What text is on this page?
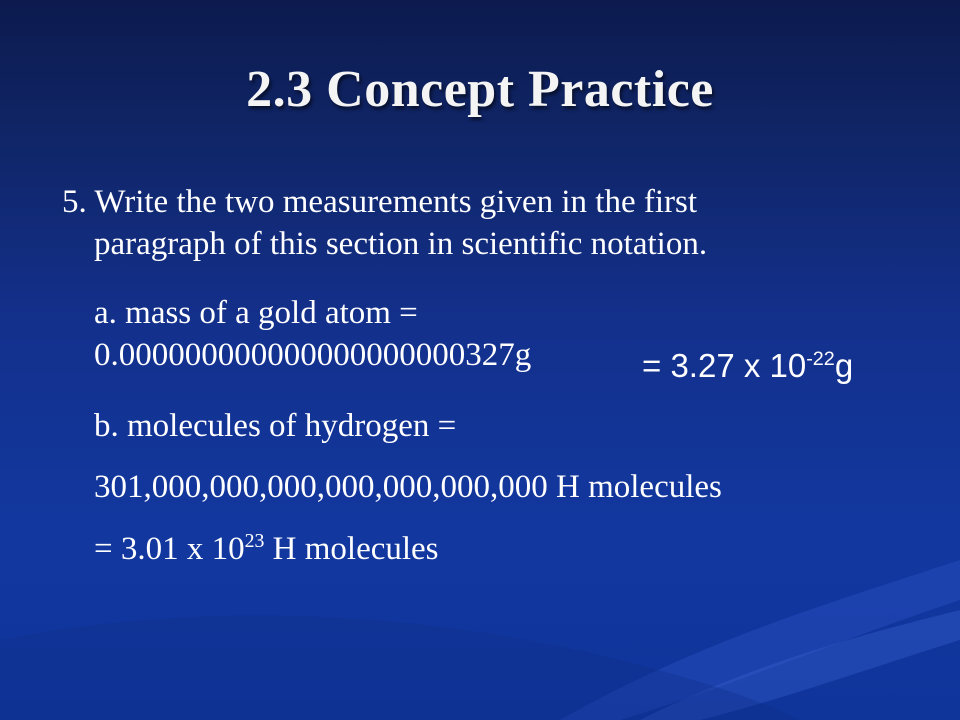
2.3 Concept Practice
5. Write the two measurements given in the first
paragraph of this section in scientific notation.
a. mass of a gold atom =
0.000000000000000000000327g	= 3.27 x $10^{-22}g$
b. molecules of hydrogen =
301,000,000,000,000,000,000,000 H molecules
= 3.01 x $10^{23}$ H molecules
